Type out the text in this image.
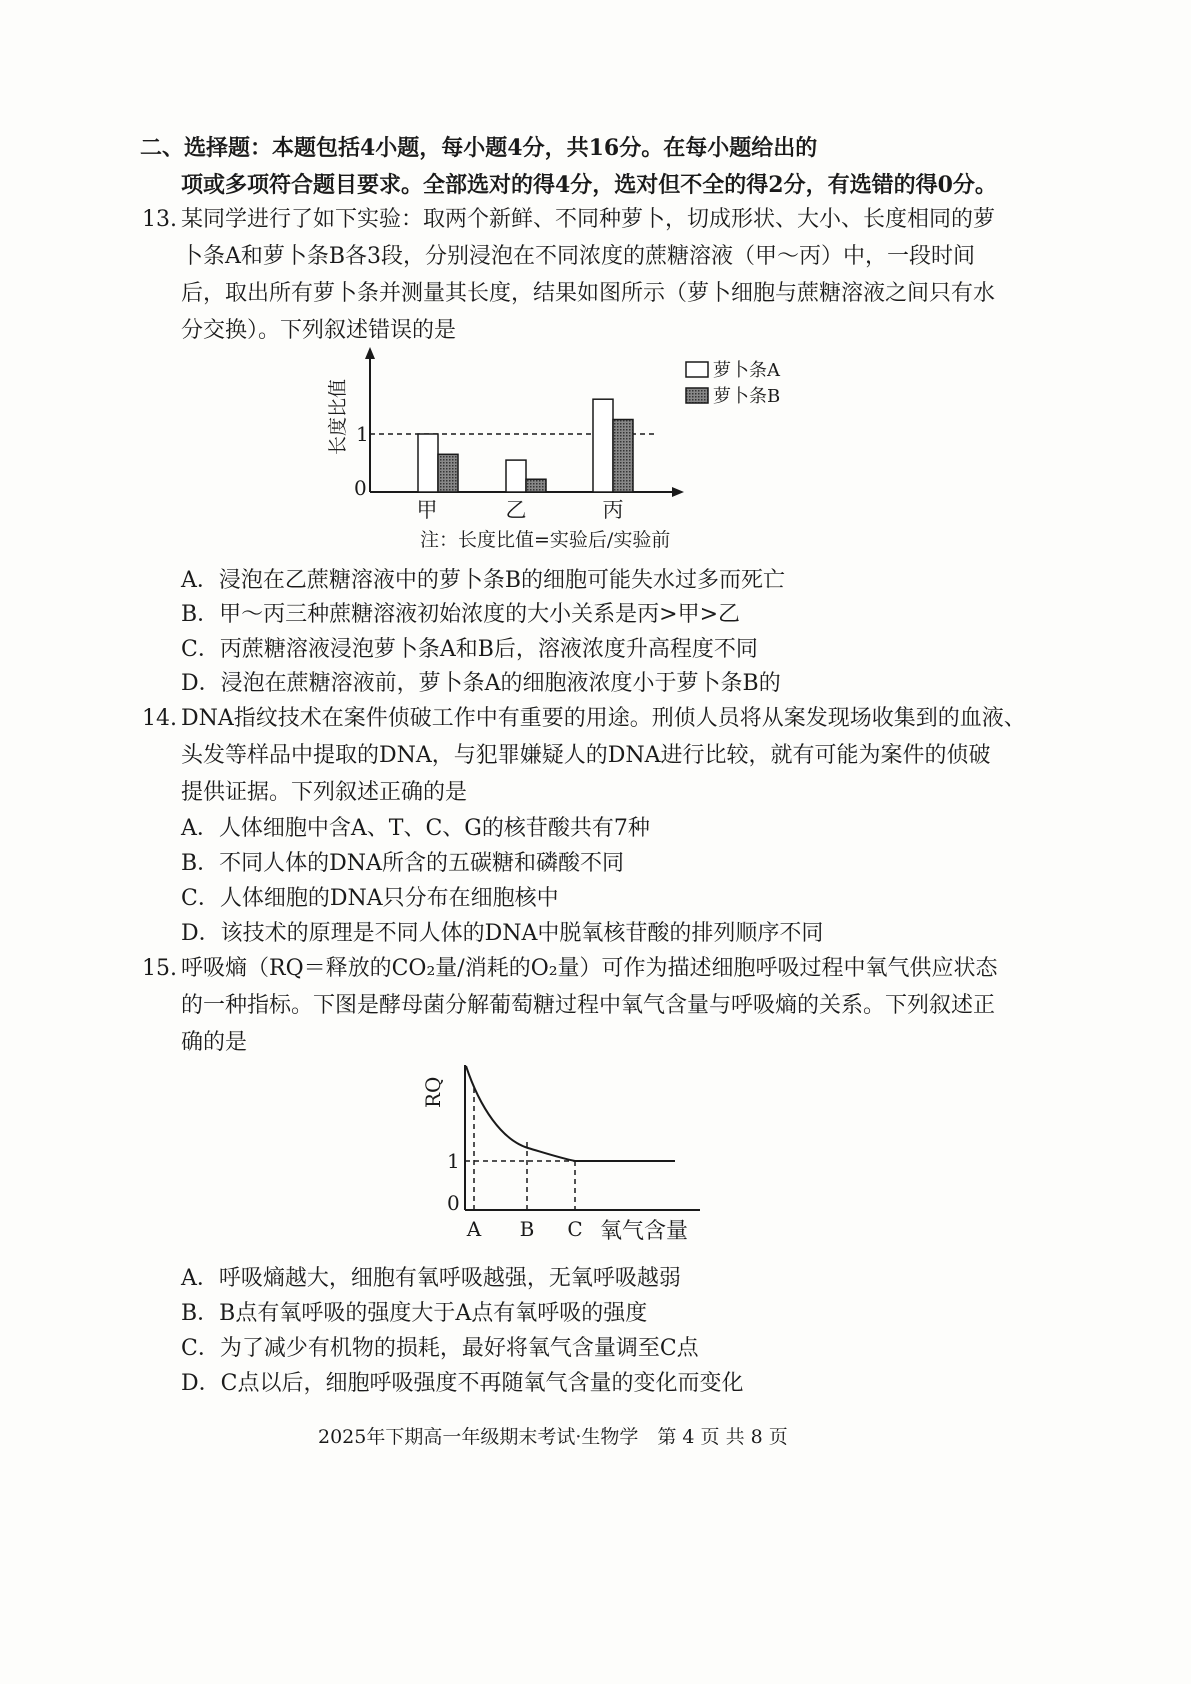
二、选择题：本题包括4小题，每小题4分，共16分。在每小题给出的
项或多项符合题目要求。全部选对的得4分，选对但不全的得2分，有选错的得0分。
13. 某同学进行了如下实验：取两个新鲜、不同种萝卜，切成形状、大小、长度相同的萝
卜条A和萝卜条B各3段，分别浸泡在不同浓度的蔗糖溶液（甲～丙）中，一段时间
后，取出所有萝卜条并测量其长度，结果如图所示（萝卜细胞与蔗糖溶液之间只有水
分交换）。下列叙述错误的是
长度比值 1
0
甲	乙	丙
萝卜条A
萝卜条B
注：长度比值=实验后/实验前
A．浸泡在乙蔗糖溶液中的萝卜条B的细胞可能失水过多而死亡
B．甲～丙三种蔗糖溶液初始浓度的大小关系是丙>甲>乙
C．丙蔗糖溶液浸泡萝卜条A和B后，溶液浓度升高程度不同
D．浸泡在蔗糖溶液前，萝卜条A的细胞液浓度小于萝卜条B的
14. DNA指纹技术在案件侦破工作中有重要的用途。刑侦人员将从案发现场收集到的血液、
头发等样品中提取的DNA，与犯罪嫌疑人的DNA进行比较，就有可能为案件的侦破
提供证据。下列叙述正确的是
A．人体细胞中含A、T、C、G的核苷酸共有7种
B．不同人体的DNA所含的五碳糖和磷酸不同
C．人体细胞的DNA只分布在细胞核中
D．该技术的原理是不同人体的DNA中脱氧核苷酸的排列顺序不同
15. 呼吸熵（RQ＝释放的CO₂量/消耗的O₂量）可作为描述细胞呼吸过程中氧气供应状态
的一种指标。下图是酵母菌分解葡萄糖过程中氧气含量与呼吸熵的关系。下列叙述正
确的是
RQ
1
0
A B C 氧气含量
A．呼吸熵越大，细胞有氧呼吸越强，无氧呼吸越弱
B．B点有氧呼吸的强度大于A点有氧呼吸的强度
C．为了减少有机物的损耗，最好将氧气含量调至C点
D．C点以后，细胞呼吸强度不再随氧气含量的变化而变化
2025年下期高一年级期末考试·生物学　第 4 页 共 8 页
